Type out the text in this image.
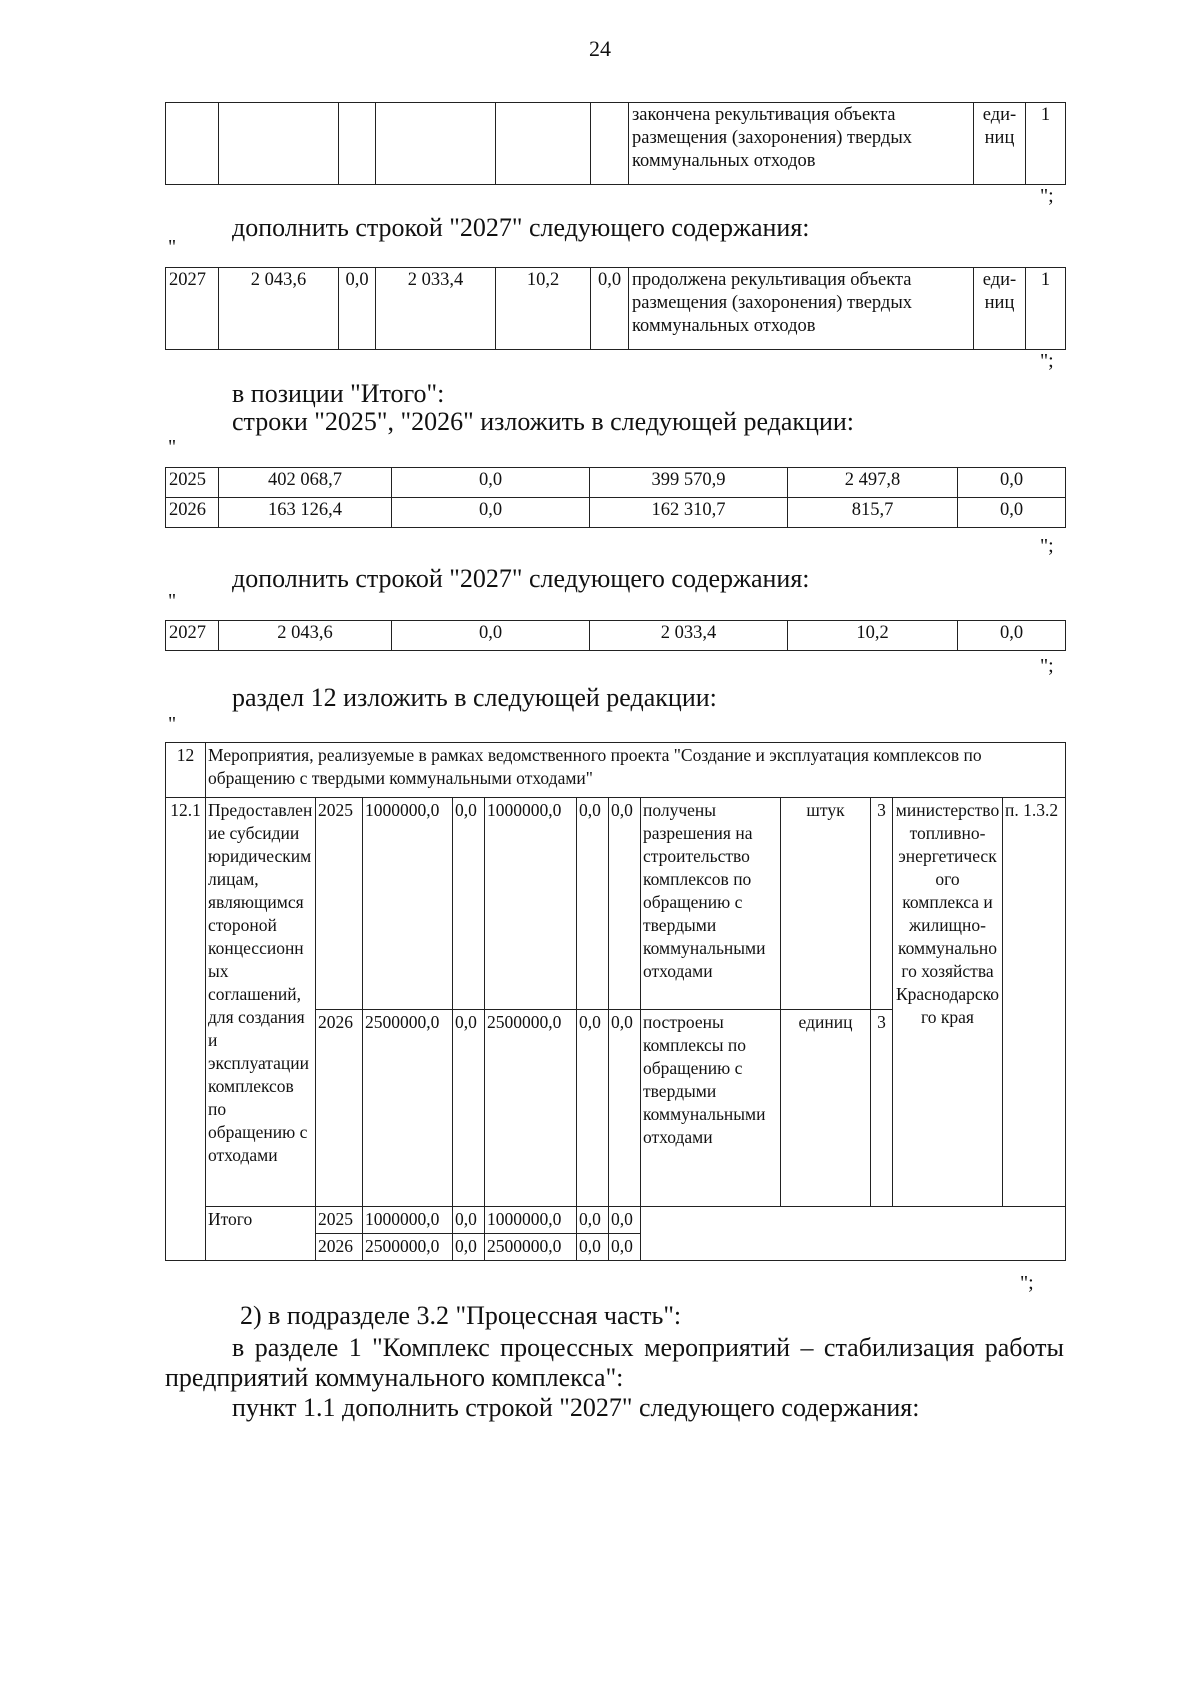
24
						закончена рекультивация объекта размещения (захоронения) твердых коммунальных отходов	еди-ниц	1
";
дополнить строкой "2027" следующего содержания:
"
2027	2 043,6	0,0	2 033,4	10,2	0,0	продолжена рекультивация объекта размещения (захоронения) твердых коммунальных отходов	еди-ниц	1
";
в позиции "Итого":
строки "2025", "2026" изложить в следующей редакции:
"
2025	402 068,7	0,0	399 570,9	2 497,8	0,0
2026	163 126,4	0,0	162 310,7	815,7	0,0
";
дополнить строкой "2027" следующего содержания:
"
2027	2 043,6	0,0	2 033,4	10,2	0,0
";
раздел 12 изложить в следующей редакции:
"
12	Мероприятия, реализуемые в рамках ведомственного проекта "Создание и эксплуатация комплексов по обращению с твердыми коммунальными отходами"											
12.1	Предоставление субсидии юридическим лицам, являющимся стороной концессионных соглашений, для создания и эксплуатации комплексов по обращению с отходами	2025	1000000,0	0,0	1000000,0	0,0	0,0	получены разрешения на строительство комплексов по обращению с твердыми коммунальными отходами	штук	3	министерство топливно-энергетического комплекса и жилищно-коммунального хозяйства Краснодарского края	п. 1.3.2
		2026	2500000,0	0,0	2500000,0	0,0	0,0	построены комплексы по обращению с твердыми коммунальными отходами	единиц	3		
	Итого	2025	1000000,0	0,0	1000000,0	0,0	0,0					
		2026	2500000,0	0,0	2500000,0	0,0	0,0					
";
2) в подразделе 3.2 "Процессная часть":
в разделе 1 "Комплекс процессных мероприятий – стабилизация работы
предприятий коммунального комплекса":
пункт 1.1 дополнить строкой "2027" следующего содержания:
